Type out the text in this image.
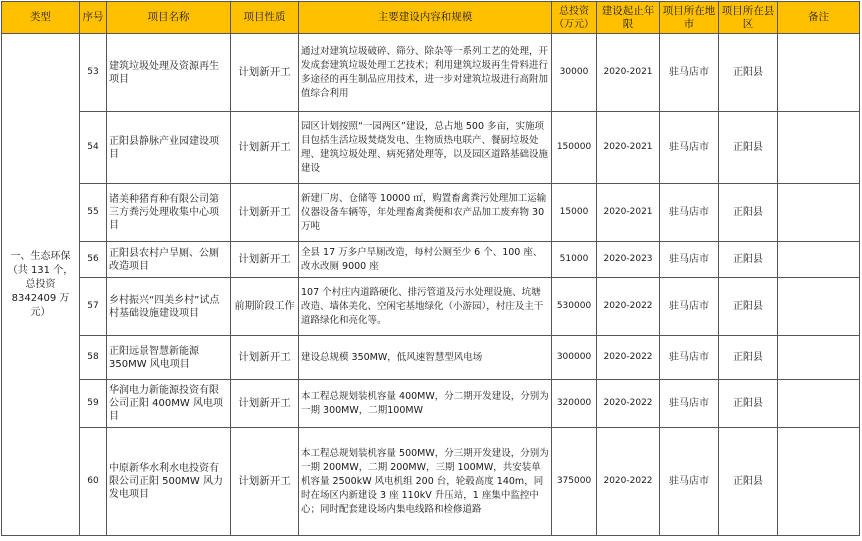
类型	序号	项目名称	项目性质	主要建设内容和规模	总投资（万元）	建设起止年限	项目所在地市	项目所在县区	备注
一、生态环保（共 131 个，总投资 8342409 万元）	53	建筑垃圾处理及资源再生项目	计划新开工	通过对建筑垃圾破碎、筛分、除杂等一系列工艺的处理，开发成套建筑垃圾处理工艺技术；利用建筑垃圾再生骨料进行多途径的再生制品应用技术，进一步对建筑垃圾进行高附加值综合利用	30000	2020-2021	驻马店市	正阳县	
	54	正阳县静脉产业园建设项目	计划新开工	园区计划按照“一园两区”建设，总占地 500 多亩，实施项目包括生活垃圾焚烧发电、生物质热电联产、餐厨垃圾处理、建筑垃圾处理、病死猪处理等，以及园区道路基础设施建设	150000	2020-2021	驻马店市	正阳县	
	55	诸美种猪育种有限公司第三方粪污处理收集中心项目	计划新开工	新建厂房、仓储等 10000 ㎡，购置畜禽粪污处理加工运输仪器设备车辆等，年处理畜禽粪便和农产品加工废弃物 30 万吨	15000	2020-2021	驻马店市	正阳县	
	56	正阳县农村户旱厕、公厕改造项目	计划新开工	全县 17 万多户旱厕改造，每村公厕至少 6 个、100 座、改水改厕 9000 座	51000	2020-2023	驻马店市	正阳县	
	57	乡村振兴“四美乡村”试点村基础设施建设项目	前期阶段工作	107 个村庄内道路硬化、排污管道及污水处理设施、坑塘改造、墙体美化、空闲宅基地绿化（小游园），村庄及主干道路绿化和亮化等。	530000	2020-2022	驻马店市	正阳县	
	58	正阳远景智慧新能源 350MW 风电项目	计划新开工	建设总规模 350MW，低风速智慧型风电场	300000	2020-2022	驻马店市	正阳县	
	59	华润电力新能源投资有限公司正阳 400MW 风电项目	计划新开工	本工程总规划装机容量 400MW，分二期开发建设，分别为一期 300MW，二期100MW	320000	2020-2022	驻马店市	正阳县	
	60	中原新华水利水电投资有限公司正阳 500MW 风力发电项目	计划新开工	本工程总规划装机容量 500MW，分三期开发建设，分别为一期 200MW，二期 200MW，三期 100MW，共安装单机容量 2500kW 风电机组 200 台，轮毂高度 140m，同时在场区内新建设 3 座 110kV 升压站，1 座集中监控中心；同时配套建设场内集电线路和检修道路	375000	2020-2022	驻马店市	正阳县	
